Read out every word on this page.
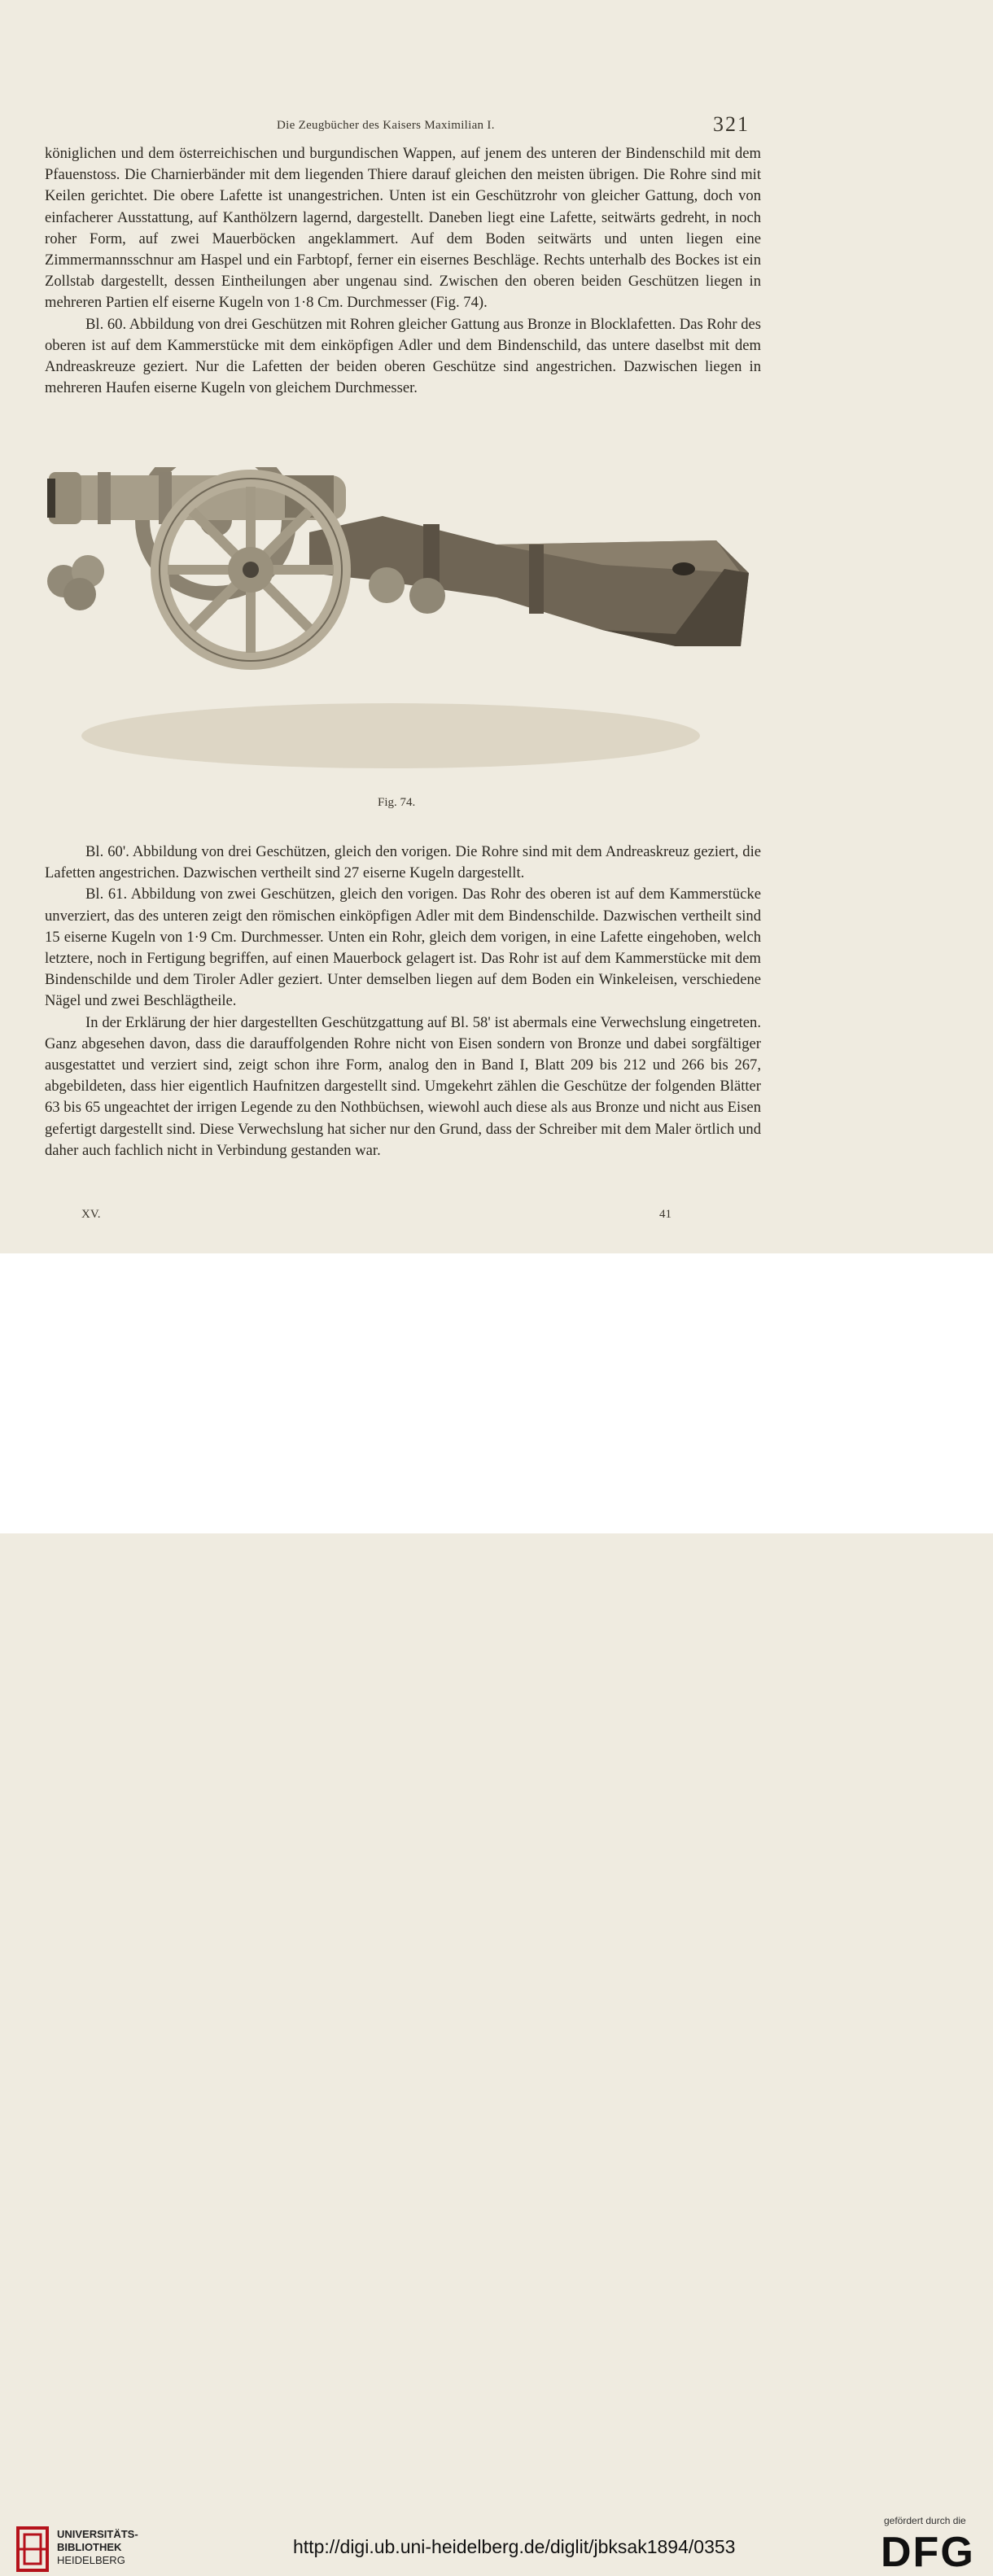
Die Zeugbücher des Kaisers Maximilian I.	321

königlichen und dem österreichischen und burgundischen Wappen, auf jenem des unteren der Bindenschild mit dem Pfauenstoss. Die Charnierbänder mit dem liegenden Thiere darauf gleichen den meisten übrigen. Die Rohre sind mit Keilen gerichtet. Die obere Lafette ist unangestrichen. Unten ist ein Geschützrohr von gleicher Gattung, doch von einfacherer Ausstattung, auf Kanthölzern lagernd, dargestellt. Daneben liegt eine Lafette, seitwärts gedreht, in noch roher Form, auf zwei Mauerböcken angeklammert. Auf dem Boden seitwärts und unten liegen eine Zimmermannsschnur am Haspel und ein Farbtopf, ferner ein eisernes Beschläge. Rechts unterhalb des Bockes ist ein Zollstab dargestellt, dessen Eintheilungen aber ungenau sind. Zwischen den oberen beiden Geschützen liegen in mehreren Partien elf eiserne Kugeln von 1·8 Cm. Durchmesser (Fig. 74).

Bl. 60. Abbildung von drei Geschützen mit Rohren gleicher Gattung aus Bronze in Blocklafetten. Das Rohr des oberen ist auf dem Kammerstücke mit dem einköpfigen Adler und dem Bindenschild, das untere daselbst mit dem Andreaskreuze geziert. Nur die Lafetten der beiden oberen Geschütze sind angestrichen. Dazwischen liegen in mehreren Haufen eiserne Kugeln von gleichem Durchmesser.

Fig. 74.

Bl. 60'. Abbildung von drei Geschützen, gleich den vorigen. Die Rohre sind mit dem Andreaskreuz geziert, die Lafetten angestrichen. Dazwischen vertheilt sind 27 eiserne Kugeln dargestellt.

Bl. 61. Abbildung von zwei Geschützen, gleich den vorigen. Das Rohr des oberen ist auf dem Kammerstücke unverziert, das des unteren zeigt den römischen einköpfigen Adler mit dem Bindenschilde. Dazwischen vertheilt sind 15 eiserne Kugeln von 1·9 Cm. Durchmesser. Unten ein Rohr, gleich dem vorigen, in eine Lafette eingehoben, welch letztere, noch in Fertigung begriffen, auf einen Mauerbock gelagert ist. Das Rohr ist auf dem Kammerstücke mit dem Bindenschilde und dem Tiroler Adler geziert. Unter demselben liegen auf dem Boden ein Winkeleisen, verschiedene Nägel und zwei Beschlägtheile.

In der Erklärung der hier dargestellten Geschützgattung auf Bl. 58' ist abermals eine Verwechslung eingetreten. Ganz abgesehen davon, dass die darauffolgenden Rohre nicht von Eisen sondern von Bronze und dabei sorgfältiger ausgestattet und verziert sind, zeigt schon ihre Form, analog den in Band I, Blatt 209 bis 212 und 266 bis 267, abgebildeten, dass hier eigentlich Haufnitzen dargestellt sind. Umgekehrt zählen die Geschütze der folgenden Blätter 63 bis 65 ungeachtet der irrigen Legende zu den Nothbüchsen, wiewohl auch diese als aus Bronze und nicht aus Eisen gefertigt dargestellt sind. Diese Verwechslung hat sicher nur den Grund, dass der Schreiber mit dem Maler örtlich und daher auch fachlich nicht in Verbindung gestanden war.

XV.	41
UNIVERSITÄTS-
BIBLIOTHEK
HEIDELBERG
http://digi.ub.uni-heidelberg.de/diglit/jbksak1894/0353
gefördert durch die
DFG
